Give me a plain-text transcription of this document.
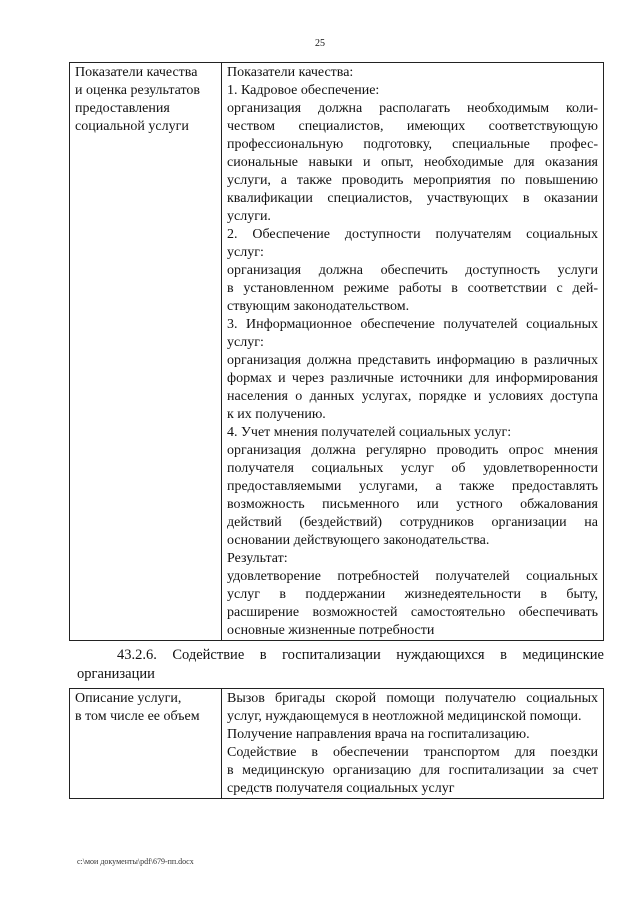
25
Показатели качества
и оценка результатов
предоставления
социальной услуги

Показатели качества:
1. Кадровое обеспечение:
организация должна располагать необходимым коли-
чеством специалистов, имеющих соответствующую
профессиональную подготовку, специальные профес-
сиональные навыки и опыт, необходимые для оказания
услуги, а также проводить мероприятия по повышению
квалификации специалистов, участвующих в оказании
услуги.
2. Обеспечение доступности получателям социальных
услуг:
организация должна обеспечить доступность услуги
в установленном режиме работы в соответствии с дей-
ствующим законодательством.
3. Информационное обеспечение получателей социальных
услуг:
организация должна представить информацию в различных
формах и через различные источники для информирования
населения о данных услугах, порядке и условиях доступа
к их получению.
4. Учет мнения получателей социальных услуг:
организация должна регулярно проводить опрос мнения
получателя социальных услуг об удовлетворенности
предоставляемыми услугами, а также предоставлять
возможность письменного или устного обжалования
действий (бездействий) сотрудников организации на
основании действующего законодательства.
Результат:
удовлетворение потребностей получателей социальных
услуг в поддержании жизнедеятельности в быту,
расширение возможностей самостоятельно обеспечивать
основные жизненные потребности
43.2.6. Содействие в госпитализации нуждающихся в медицинские
организации
Описание услуги,
в том числе ее объем

Вызов бригады скорой помощи получателю социальных
услуг, нуждающемуся в неотложной медицинской помощи.
Получение направления врача на госпитализацию.
Содействие в обеспечении транспортом для поездки
в медицинскую организацию для госпитализации за счет
средств получателя социальных услуг
c:\мои документы\pdf\679-пп.docx
